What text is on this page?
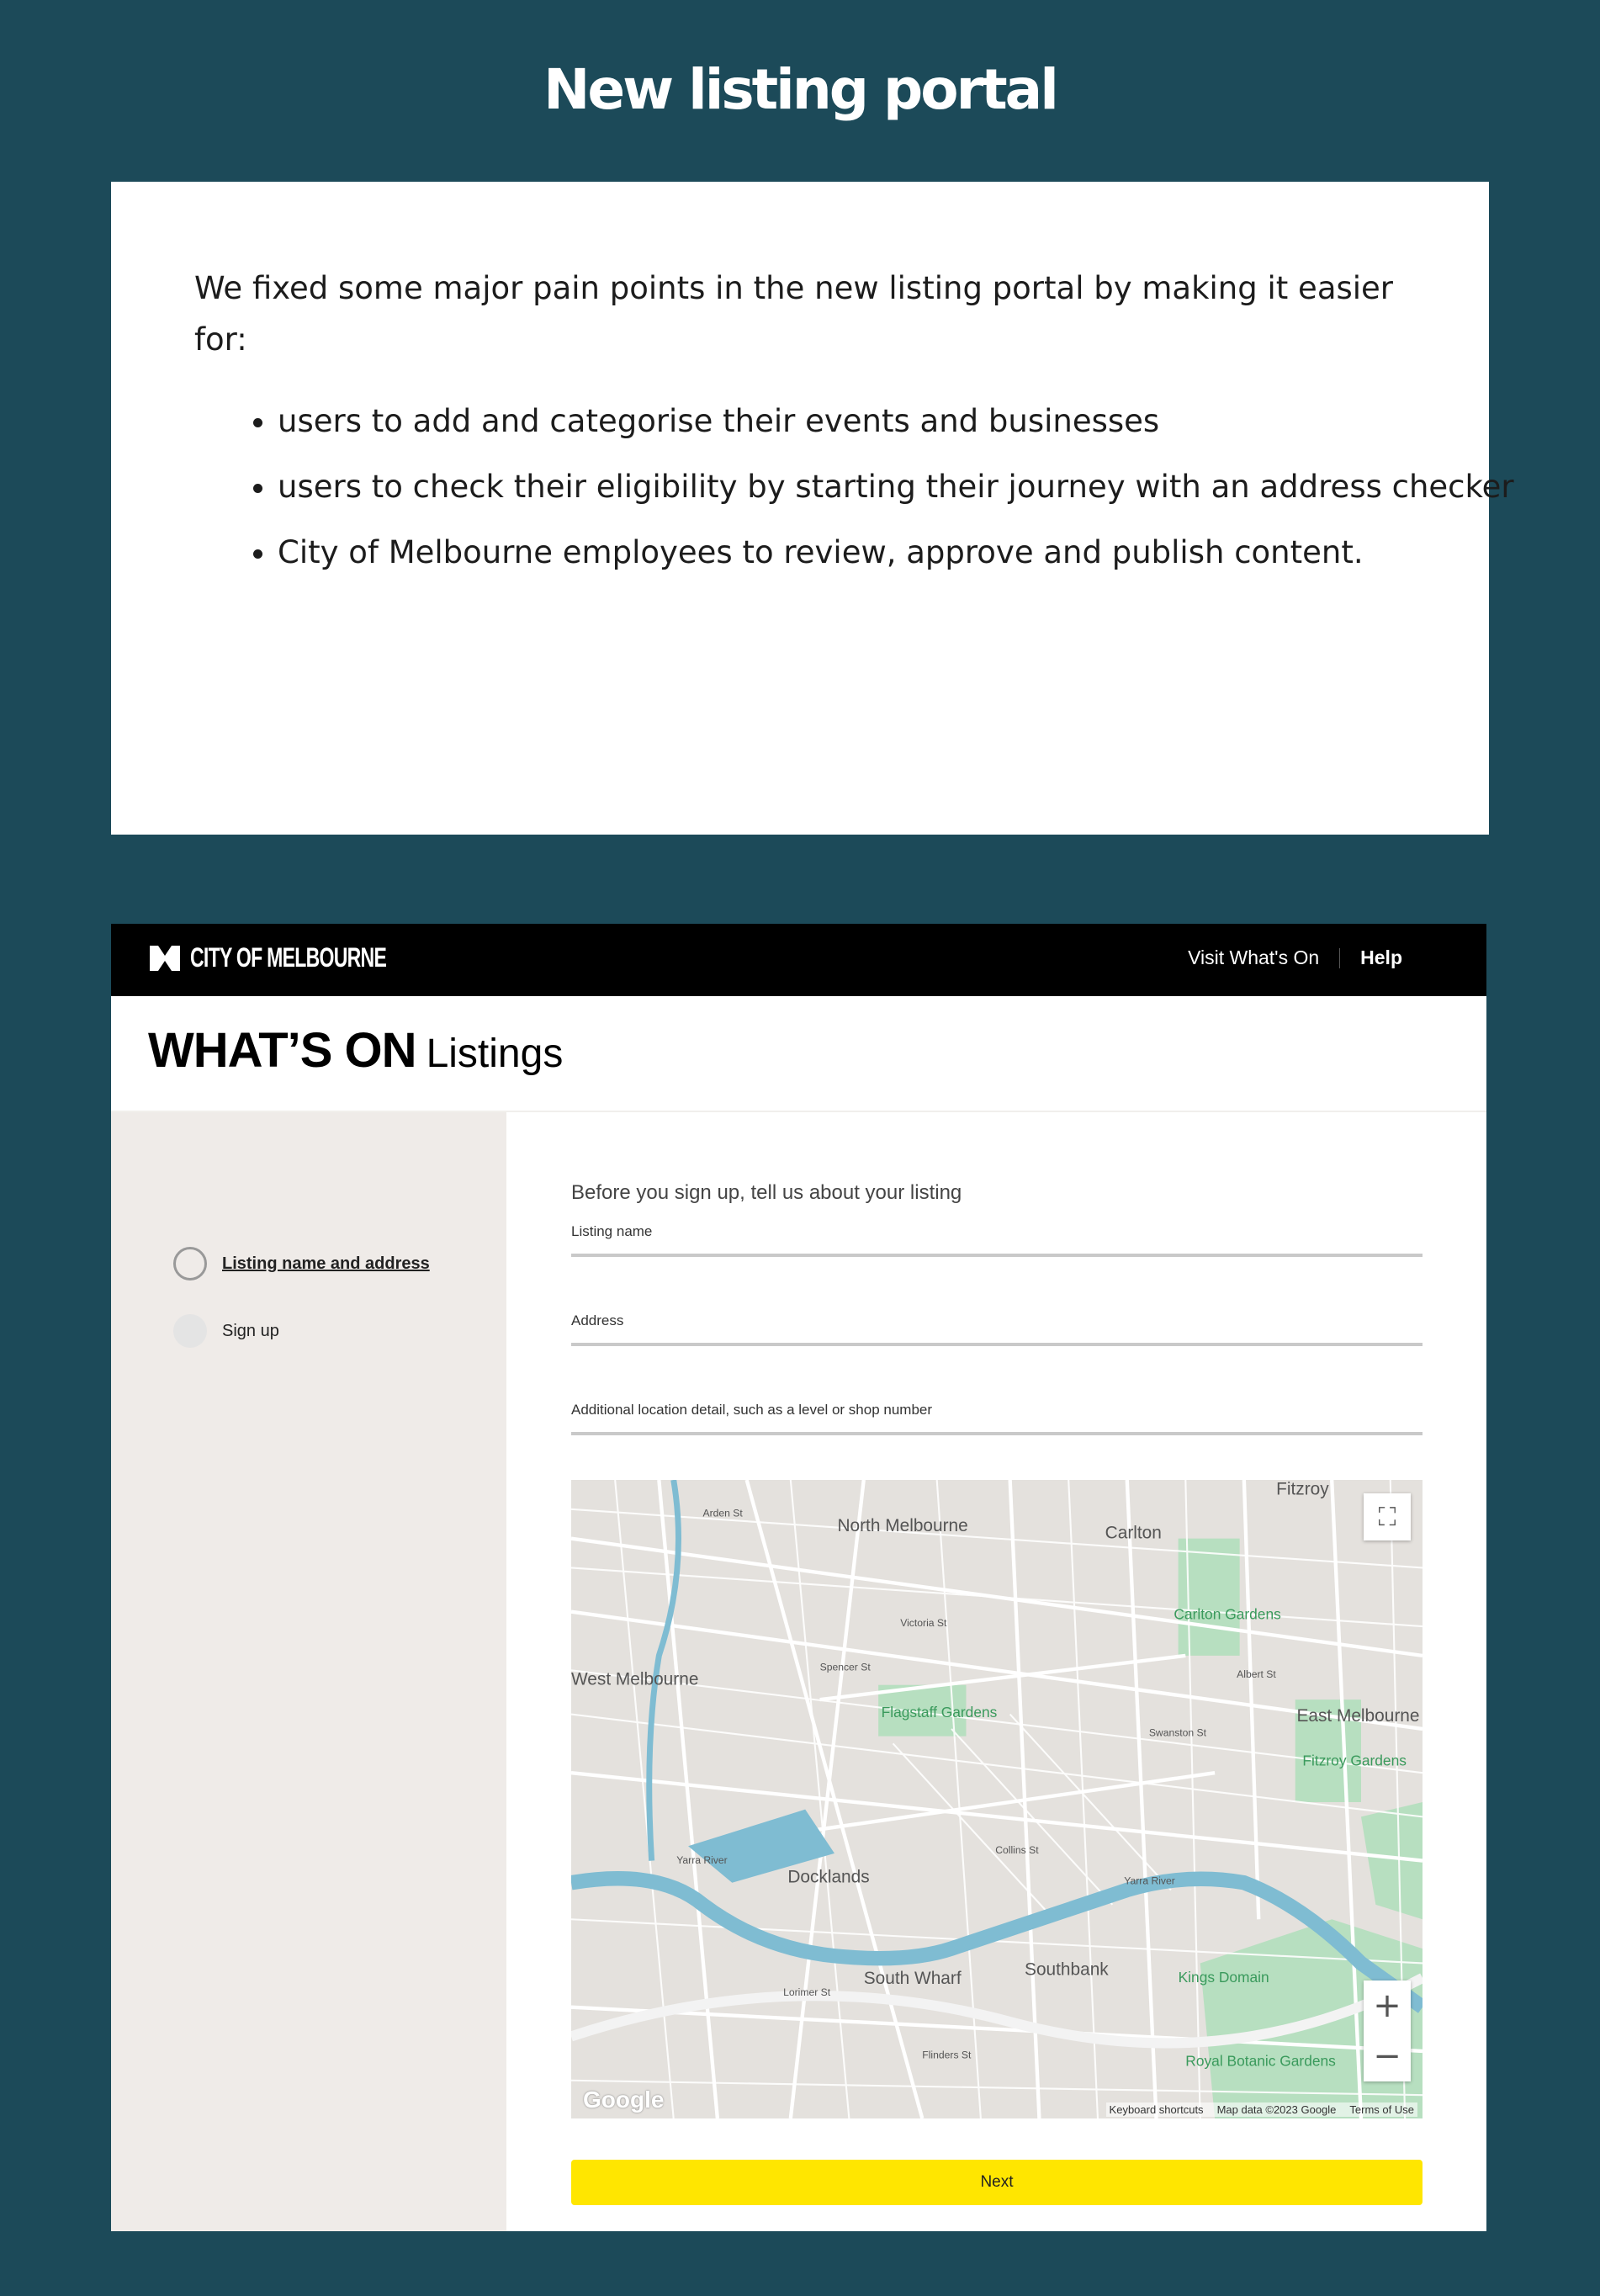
New listing portal

We fixed some major pain points in the new listing portal by making it easier for:

• users to add and categorise their events and businesses
• users to check their eligibility by starting their journey with an address checker
• City of Melbourne employees to review, approve and publish content.
CITY OF MELBOURNE	Visit What's On Help
WHAT’S ON Listings
Listing name and address
Sign up
Before you sign up, tell us about your listing
Listing name
Address
Additional location detail, such as a level or shop number
North Melbourne	Carlton
Fitzroy
East Melbourne
Docklands
South Wharf	Southbank
West Melbourne
Arden St
Victoria St
Spencer St
Collins St
Yarra River
Yarra River
Flinders St
Swanston St
Lorimer St
Albert St
Carlton Gardens
Flagstaff Gardens
Fitzroy Gardens
Kings Domain
Royal Botanic Gardens
⛶
+
−
Google	Keyboard shortcuts Map data ©2023 Google Terms of Use
Next
